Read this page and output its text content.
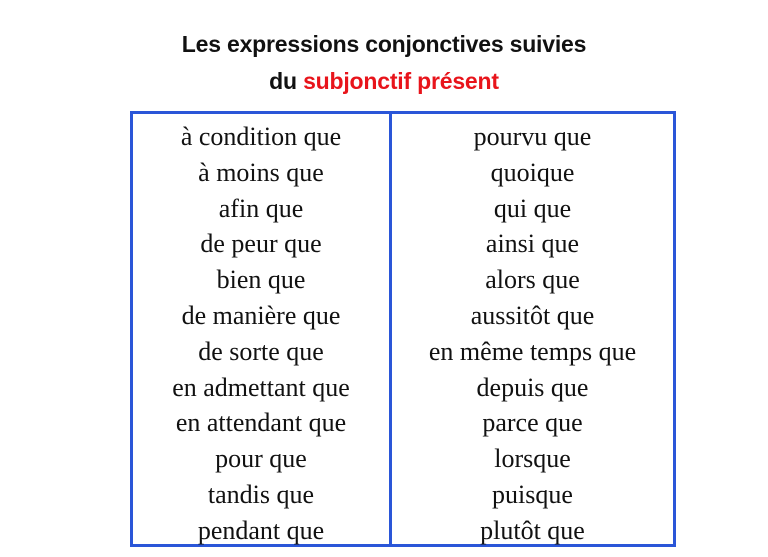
Les expressions conjonctives suivies
du subjonctif présent
à condition que
à moins que
afin que
de peur que
bien que
de manière que
de sorte que
en admettant que
en attendant que
pour que
tandis que
pendant que
pourvu que
quoique
qui que
ainsi que
alors que
aussitôt que
en même temps que
depuis que
parce que
lorsque
puisque
plutôt que
